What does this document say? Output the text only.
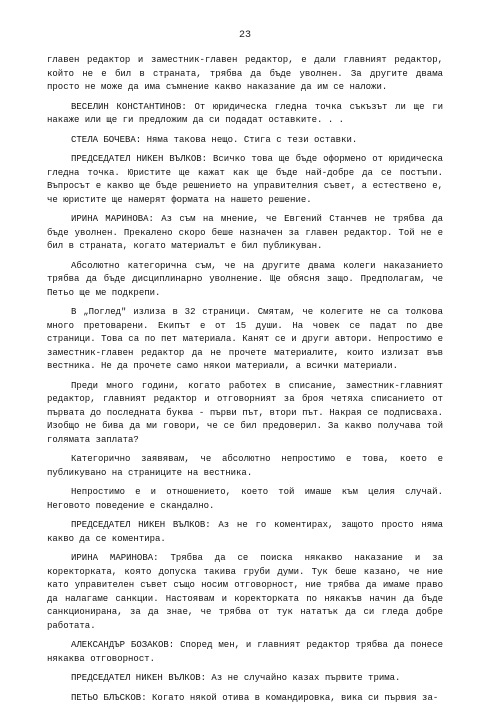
23

главен редактор и заместник-главен редактор, е дали главният редактор, който не е бил в страната, трябва да бъде уволнен. За другите двама просто не може да има съмнение какво наказание да им се наложи.

ВЕСЕЛИН КОНСТАНТИНОВ: От юридическа гледна точка съкъзът ли ще ги накаже или ще ги предложим да си подадат оставките. . .

СТЕЛА БОЧЕВА: Няма такова нещо. Стига с тези оставки.

ПРЕДСЕДАТЕЛ НИКЕН ВЪЛКОВ: Всичко това ще бъде оформено от юридическа гледна точка. Юристите ще кажат как ще бъде най-добре да се постъпи. Въпросът е какво ще бъде решението на управителния съвет, а естествено е, че юристите ще намерят формата на нашето решение.

ИРИНА МАРИНОВА: Аз съм на мнение, че Евгений Станчев не трябва да бъде уволнен. Прекалено скоро беше назначен за главен редактор. Той не е бил в страната, когато материалът е бил публикуван.

Абсолютно категорична съм, че на другите двама колеги наказанието трябва да бъде дисциплинарно уволнение. Ще обясня защо. Предполагам, че Петьо ще ме подкрепи.

В „Поглед" излиза в 32 страници. Смятам, че колегите не са толкова много претоварени. Екипът е от 15 души. На човек се падат по две страници. Това са по пет материала. Канят се и други автори. Непростимо е заместник-главен редактор да не прочете материалите, които излизат във вестника. Не да прочете само някои материали, а всички материали.

Преди много години, когато работех в списание, заместник-главният редактор, главният редактор и отговорният за броя четяха списанието от първата до последната буква - първи път, втори път. Накрая се подписваха. Изобщо не бива да ми говори, че се бил предоверил. За какво получава той голямата заплата?

Категорично заявявам, че абсолютно непростимо е това, което е публикувано на страниците на вестника.

Непростимо е и отношението, което той имаше към целия случай. Неговото поведение е скандално.

ПРЕДСЕДАТЕЛ НИКЕН ВЪЛКОВ: Аз не го коментирах, защото просто няма какво да се коментира.

ИРИНА МАРИНОВА: Трябва да се поиска някакво наказание и за коректорката, която допуска такива груби думи. Тук беше казано, че ние като управителен съвет също носим отговорност, ние трябва да имаме право да налагаме санкции. Настоявам и коректорката по някакъв начин да бъде санкционирана, за да знае, че трябва от тук нататък да си гледа добре работата.

АЛЕКСАНДЪР БОЗАКОВ: Според мен, и главният редактор трябва да понесе някаква отговорност.

ПРЕДСЕДАТЕЛ НИКЕН ВЪЛКОВ: Аз не случайно казах първите трима.

ПЕТЬО БЛЪСКОВ: Когато някой отива в командировка, вика си първия за-
